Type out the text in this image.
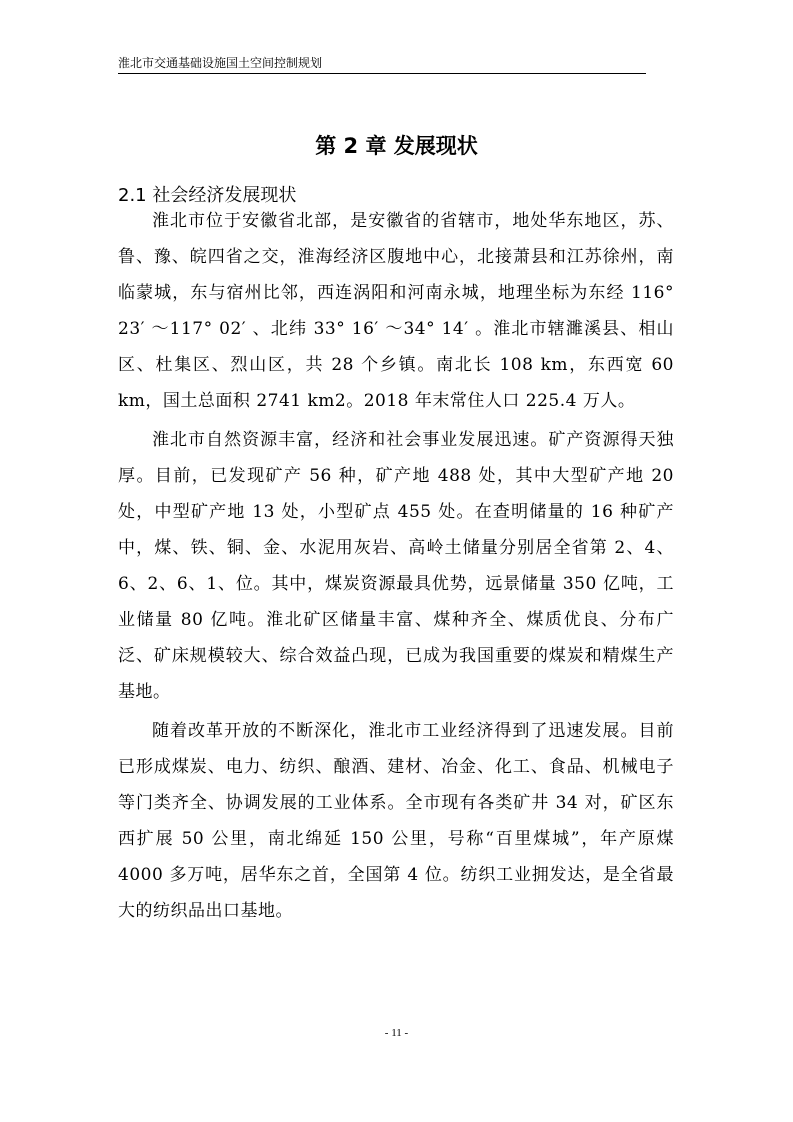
淮北市交通基础设施国土空间控制规划
第 2 章 发展现状
2.1 社会经济发展现状

淮北市位于安徽省北部，是安徽省的省辖市，地处华东地区，苏、鲁、豫、皖四省之交，淮海经济区腹地中心，北接萧县和江苏徐州，南临蒙城，东与宿州比邻，西连涡阳和河南永城，地理坐标为东经 116° 23′ ～117° 02′ 、北纬 33° 16′ ～34° 14′ 。淮北市辖濉溪县、相山区、杜集区、烈山区，共 28 个乡镇。南北长 108 km，东西宽 60 km，国土总面积 2741 km2。2018 年末常住人口 225.4 万人。

淮北市自然资源丰富，经济和社会事业发展迅速。矿产资源得天独厚。目前，已发现矿产 56 种，矿产地 488 处，其中大型矿产地 20 处，中型矿产地 13 处，小型矿点 455 处。在查明储量的 16 种矿产中，煤、铁、铜、金、水泥用灰岩、高岭土储量分别居全省第 2、4、6、2、6、1、位。其中，煤炭资源最具优势，远景储量 350 亿吨，工业储量 80 亿吨。淮北矿区储量丰富、煤种齐全、煤质优良、分布广泛、矿床规模较大、综合效益凸现，已成为我国重要的煤炭和精煤生产基地。

随着改革开放的不断深化，淮北市工业经济得到了迅速发展。目前已形成煤炭、电力、纺织、酿酒、建材、冶金、化工、食品、机械电子等门类齐全、协调发展的工业体系。全市现有各类矿井 34 对，矿区东西扩展 50 公里，南北绵延 150 公里，号称“百里煤城”，年产原煤 4000 多万吨，居华东之首，全国第 4 位。纺织工业拥发达，是全省最大的纺织品出口基地。

- 11 -
